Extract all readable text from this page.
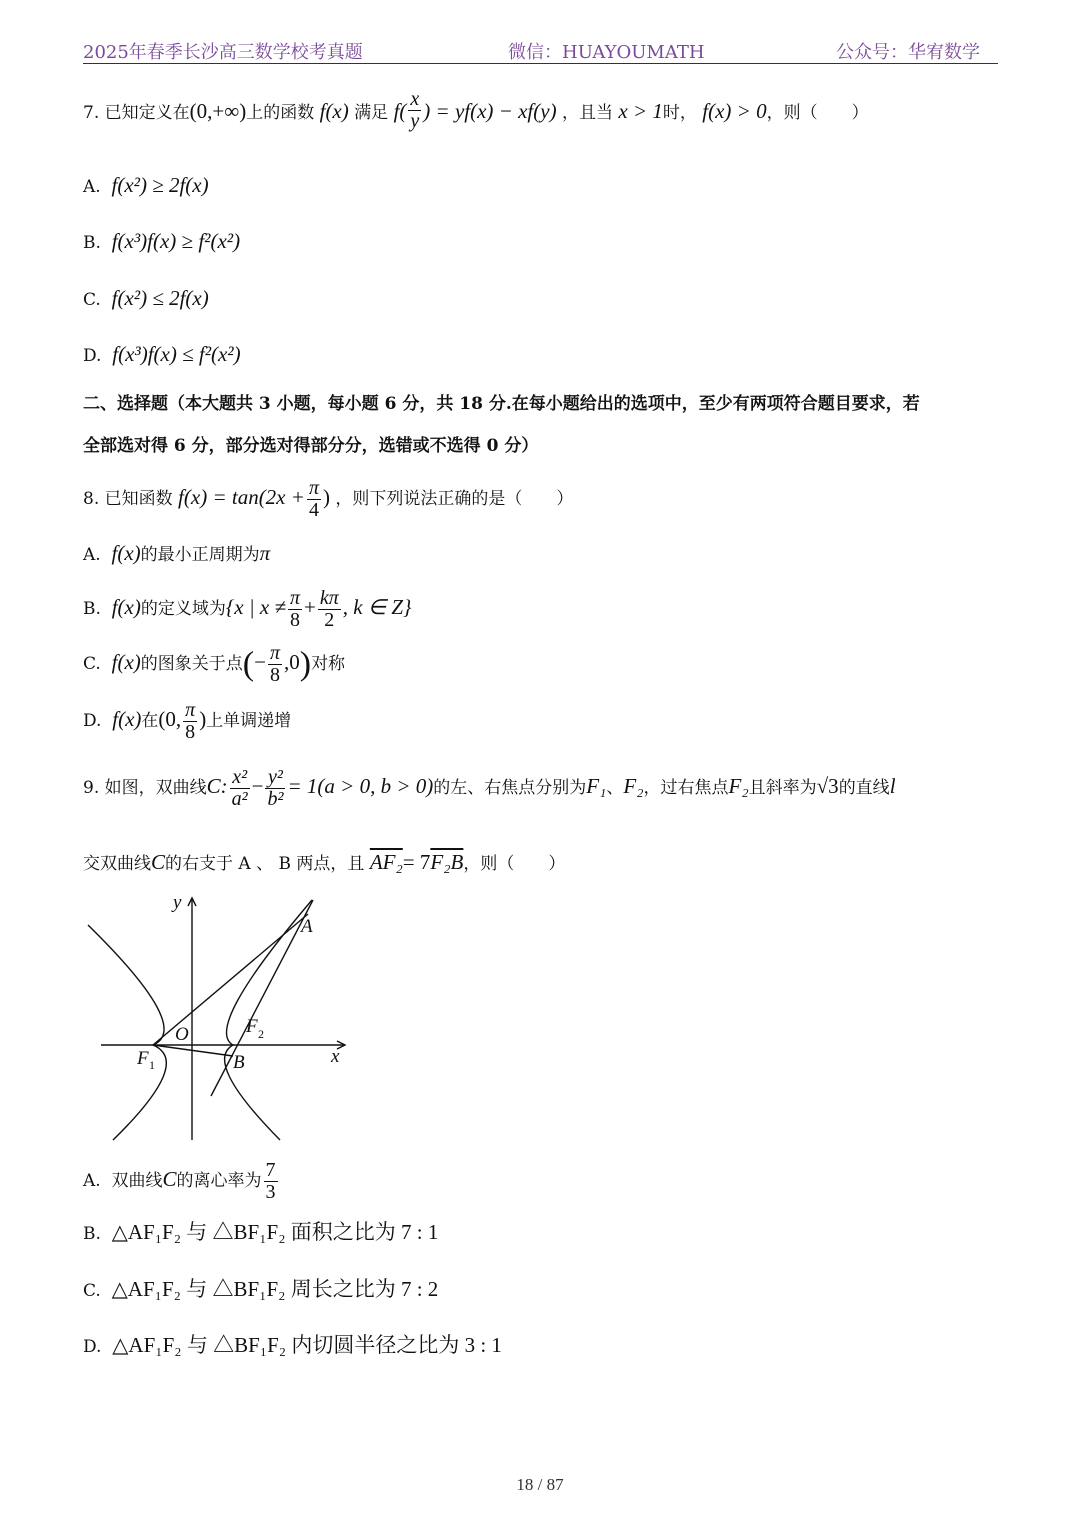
2025年春季长沙高三数学校考真题	微信：HUAYOUMATH	公众号：华宥数学
7. 已知定义在(0,+∞)上的函数 f(x) 满足 $f( \frac{x}{y}$ ) = yf(x) − xf(y) ，且当 x > 1时， f(x) > 0，则（　　）
A. f(x²) ≥ 2f(x)
B. f(x³)f(x) ≥ f²(x²)
C. f(x²) ≤ 2f(x)
D. f(x³)f(x) ≤ f²(x²)
二、选择题（本大题共 3 小题，每小题 6 分，共 18 分.在每小题给出的选项中，至少有两项符合题目要求，若
全部选对得 6 分，部分选对得部分分，选错或不选得 0 分）
8. 已知函数 $f(x) = \tan(2x + \frac{\pi}{4}$ ) ，则下列说法正确的是（　　）
A. f(x)的最小正周期为π
B. f(x)的定义域为{x | $x \ne \frac{\pi}{8} + \frac{k\pi}{2}$ , k ∈ Z}
C. f(x)的图象关于点(− $\frac{\pi}{8} ,0$)对称
D. f(x)在(0, $\frac{\pi}{8}$ )上单调递增
9. 如图，双曲线C: $\frac{\text{x²}}{\text{a²}} - \frac{\text{y²}}{\text{b²}} = 1(a > 0$, b > 0)的左、右焦点分别为F₁、F₂，过右焦点F₂且斜率为√3的直线l
交双曲线C的右支于 A 、 B 两点，且 AF₂= 7F₂B，则（　　）
y
x
A
B
O
F 1
F 2
A. 双曲线C的离心率为 $\frac{7}{3}$
B. △AF₁F₂ 与 △BF₁F₂ 面积之比为 7 : 1
C. △AF₁F₂ 与 △BF₁F₂ 周长之比为 7 : 2
D. △AF₁F₂ 与 △BF₁F₂ 内切圆半径之比为 3 : 1
18 / 87
